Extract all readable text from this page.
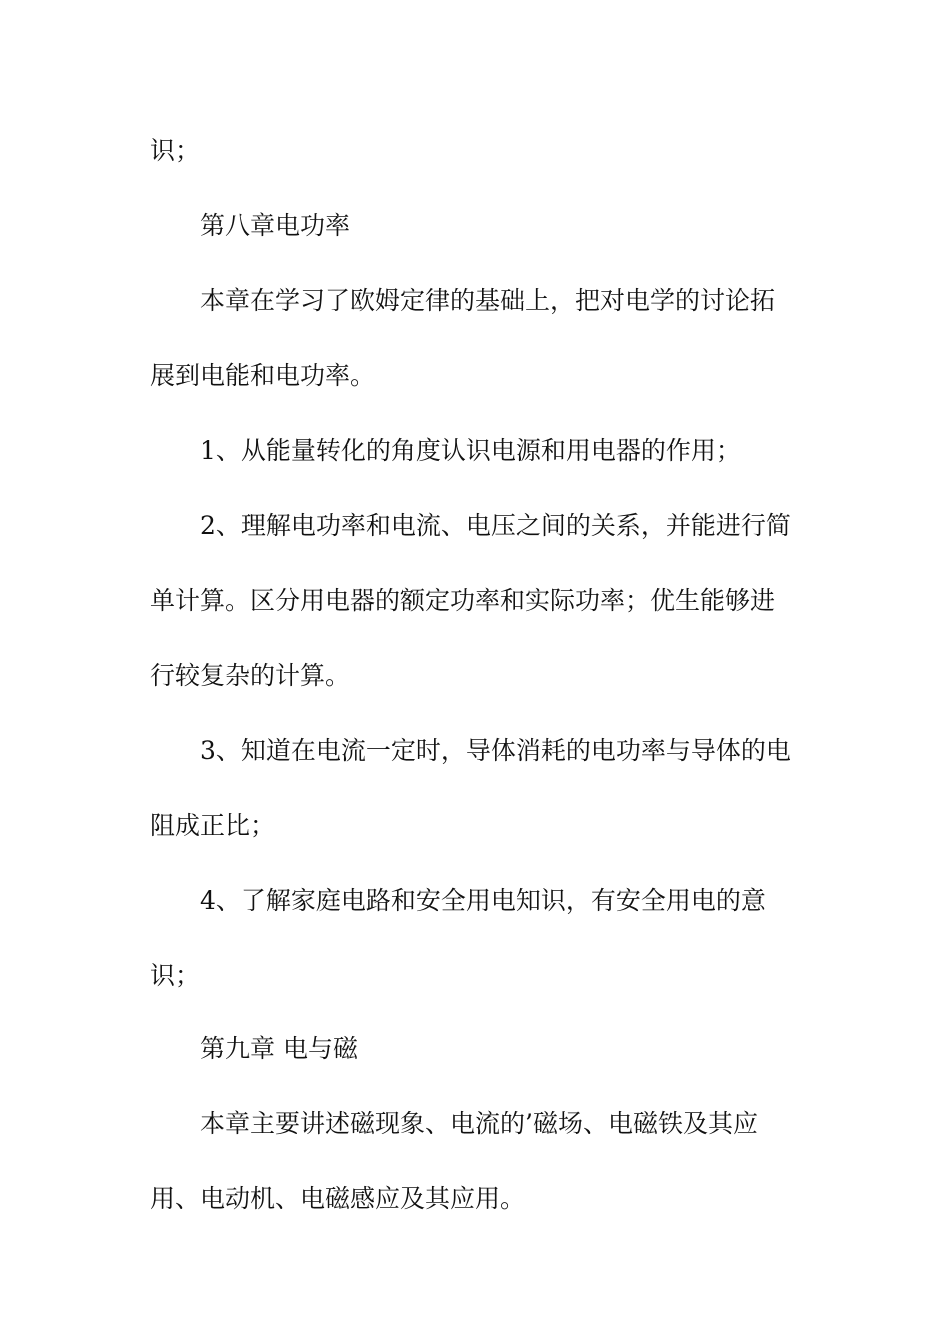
识；
第八章电功率
本章在学习了欧姆定律的基础上，把对电学的讨论拓
展到电能和电功率。
1、从能量转化的角度认识电源和用电器的作用；
2、理解电功率和电流、电压之间的关系，并能进行简
单计算。区分用电器的额定功率和实际功率；优生能够进
行较复杂的计算。
3、知道在电流一定时，导体消耗的电功率与导体的电
阻成正比；
4、了解家庭电路和安全用电知识，有安全用电的意
识；
第九章 电与磁
本章主要讲述磁现象、电流的’磁场、电磁铁及其应
用、电动机、电磁感应及其应用。
